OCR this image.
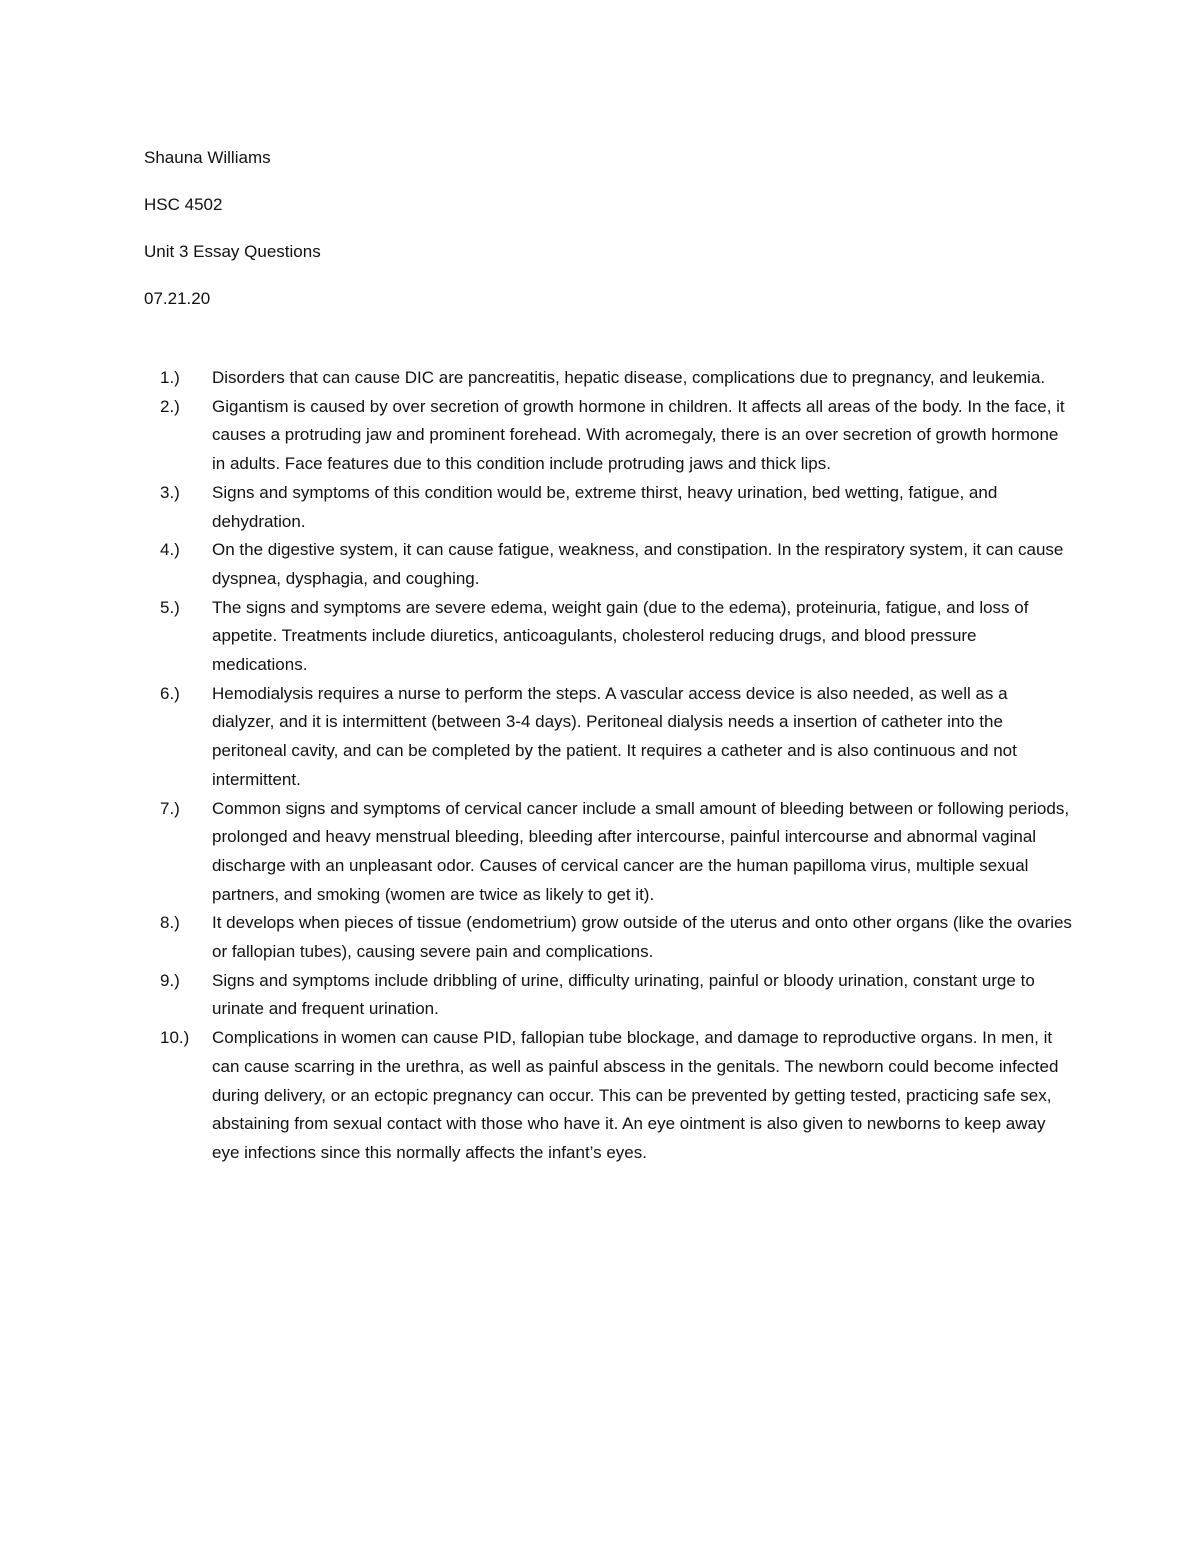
Shauna Williams
HSC 4502
Unit 3 Essay Questions
07.21.20
1.)	Disorders that can cause DIC are pancreatitis, hepatic disease, complications due to pregnancy, and leukemia.
2.)	Gigantism is caused by over secretion of growth hormone in children. It affects all areas of the body. In the face, it causes a protruding jaw and prominent forehead. With acromegaly, there is an over secretion of growth hormone in adults. Face features due to this condition include protruding jaws and thick lips.
3.)	Signs and symptoms of this condition would be, extreme thirst, heavy urination, bed wetting, fatigue, and dehydration.
4.)	On the digestive system, it can cause fatigue, weakness, and constipation. In the respiratory system, it can cause dyspnea, dysphagia, and coughing.
5.)	The signs and symptoms are severe edema, weight gain (due to the edema), proteinuria, fatigue, and loss of appetite. Treatments include diuretics, anticoagulants, cholesterol reducing drugs, and blood pressure medications.
6.)	Hemodialysis requires a nurse to perform the steps. A vascular access device is also needed, as well as a dialyzer, and it is intermittent (between 3-4 days). Peritoneal dialysis needs a insertion of catheter into the peritoneal cavity, and can be completed by the patient. It requires a catheter and is also continuous and not intermittent.
7.)	Common signs and symptoms of cervical cancer include a small amount of bleeding between or following periods, prolonged and heavy menstrual bleeding, bleeding after intercourse, painful intercourse and abnormal vaginal discharge with an unpleasant odor. Causes of cervical cancer are the human papilloma virus, multiple sexual partners, and smoking (women are twice as likely to get it).
8.)	It develops when pieces of tissue (endometrium) grow outside of the uterus and onto other organs (like the ovaries or fallopian tubes), causing severe pain and complications.
9.)	Signs and symptoms include dribbling of urine, difficulty urinating, painful or bloody urination, constant urge to urinate and frequent urination.
10.)	Complications in women can cause PID, fallopian tube blockage, and damage to reproductive organs. In men, it can cause scarring in the urethra, as well as painful abscess in the genitals. The newborn could become infected during delivery, or an ectopic pregnancy can occur. This can be prevented by getting tested, practicing safe sex, abstaining from sexual contact with those who have it. An eye ointment is also given to newborns to keep away eye infections since this normally affects the infant’s eyes.
